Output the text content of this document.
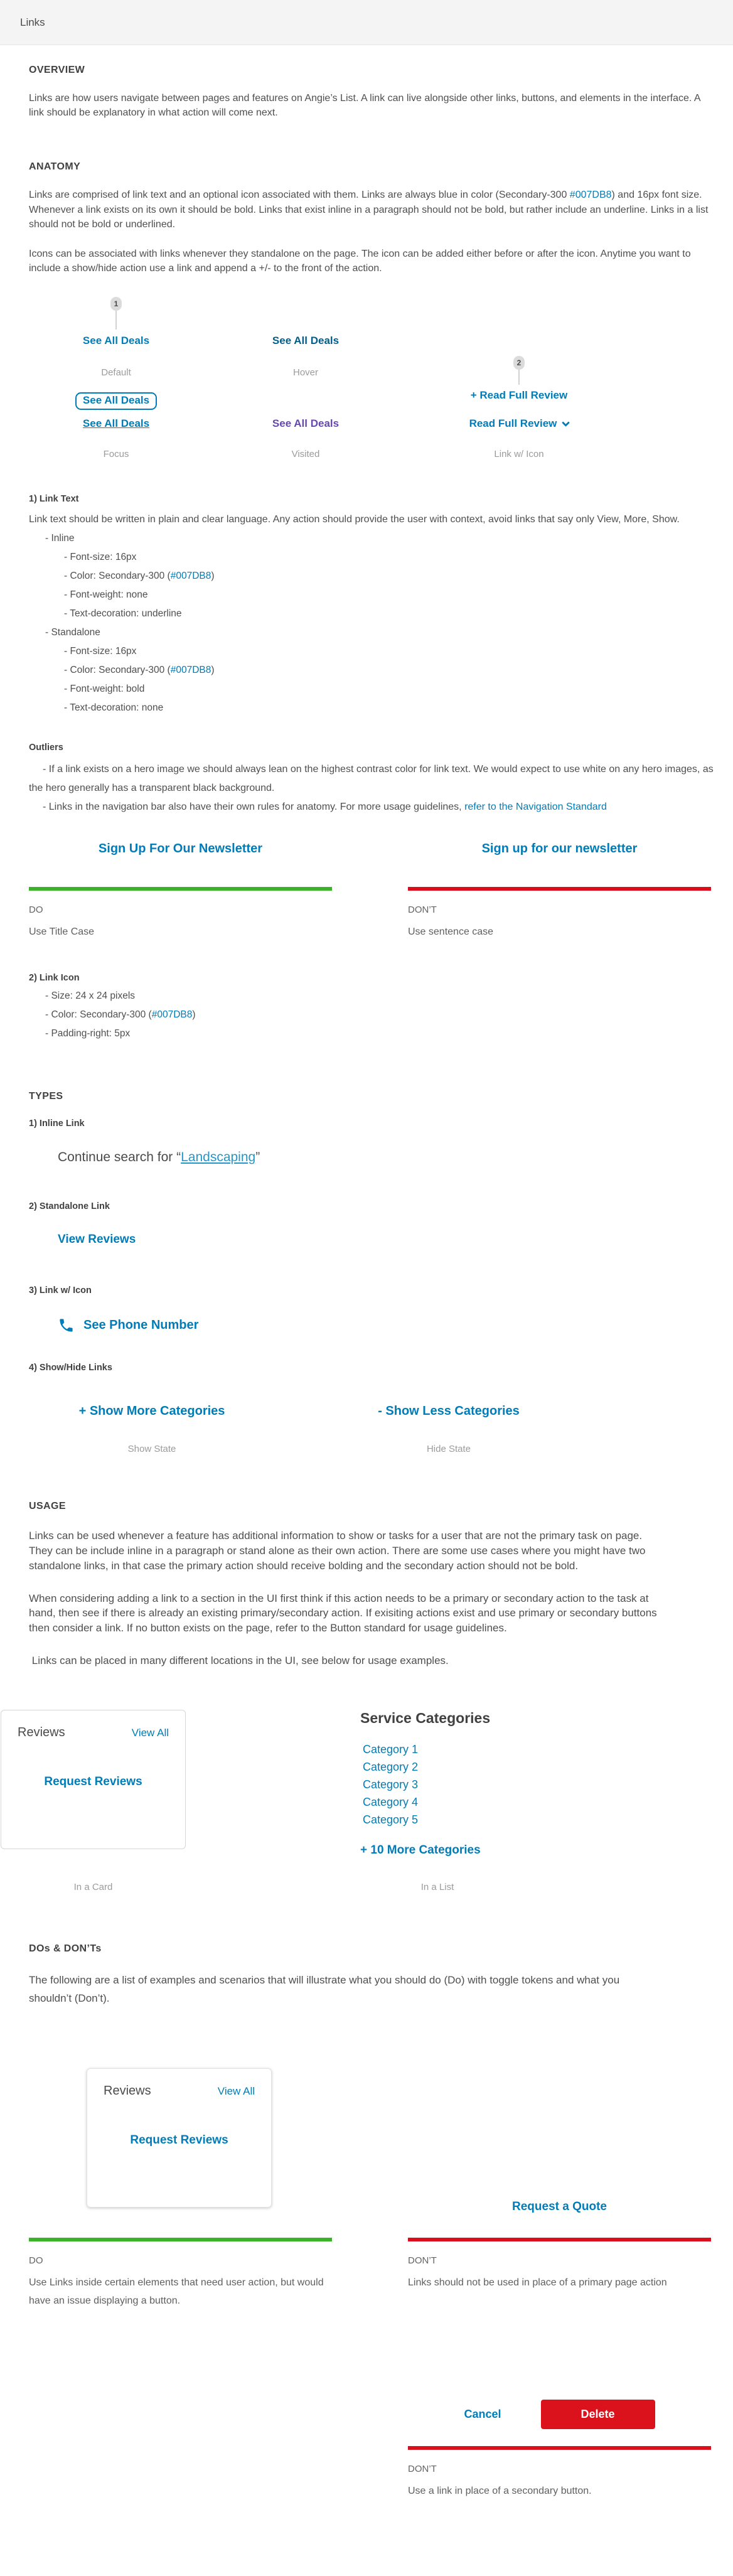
Links
OVERVIEW

Links are how users navigate between pages and features on Angie’s List. A link can live alongside other links, buttons, and elements in the interface. A link should be explanatory in what action will come next.

ANATOMY

Links are comprised of link text and an optional icon associated with them. Links are always blue in color (Secondary-300 #007DB8) and 16px font size. Whenever a link exists on its own it should be bold. Links that exist inline in a paragraph should not be bold, but rather include an underline. Links in a list should not be bold or underlined.

Icons can be associated with links whenever they standalone on the page. The icon can be added either before or after the icon. Anytime you want to include a show/hide action use a link and append a +/- to the front of the action.

1
See All Deals	See All Deals
Default	Hover
2
+ Read Full Review
See All Deals
See All Deals	See All Deals	Read Full Review
Focus	Visited	Link w/ Icon
1) Link Text

Link text should be written in plain and clear language. Any action should provide the user with context, avoid links that say only View, More, Show.

- Inline
- Font-size: 16px
- Color: Secondary-300 (#007DB8)
- Font-weight: none
- Text-decoration: underline
- Standalone
- Font-size: 16px
- Color: Secondary-300 (#007DB8)
- Font-weight: bold
- Text-decoration: none
Outliers

- If a link exists on a hero image we should always lean on the highest contrast color for link text. We would expect to use white on any hero images, as the hero generally has a transparent black background.

- Links in the navigation bar also have their own rules for anatomy. For more usage guidelines, refer to the Navigation Standard

Sign Up For Our Newsletter
DO
Use Title Case
Sign up for our newsletter
DON’T
Use sentence case
2) Link Icon
- Size: 24 x 24 pixels
- Color: Secondary-300 (#007DB8)
- Padding-right: 5px
TYPES
1) Inline Link
Continue search for “Landscaping”
2) Standalone Link
View Reviews
3) Link w/ Icon
See Phone Number
4) Show/Hide Links
+ Show More Categories
Show State
- Show Less Categories
Hide State
USAGE

Links can be used whenever a feature has additional information to show or tasks for a user that are not the primary task on page.  They can be include inline in a paragraph or stand alone as their own action. There are some use cases where you might have two standalone links, in that case the primary action should receive bolding and the secondary action should not be bold.

When considering adding a link to a section in the UI first think if this action needs to be a primary or secondary action to the task at hand, then see if there is already an existing primary/secondary action. If exisiting actions exist and use primary or secondary buttons then consider a link. If no button exists on the page, refer to the Button standard for usage guidelines.

Links can be placed in many different locations in the UI, see below for usage examples.

Reviews	View All
Request Reviews
In a Card
Service Categories
Category 1
Category 2
Category 3
Category 4
Category 5
+ 10 More Categories
In a List
DOs & DON’Ts

The following are a list of examples and scenarios that will illustrate what you should do (Do) with toggle tokens and what you shouldn’t (Don’t).

Reviews	View All
Request Reviews
DO
Use Links inside certain elements that need user action, but would have an issue displaying a button.
Request a Quote
DON’T
Links should not be used in place of a primary page action
Cancel	Delete
DON’T
Use a link in place of a secondary button.
